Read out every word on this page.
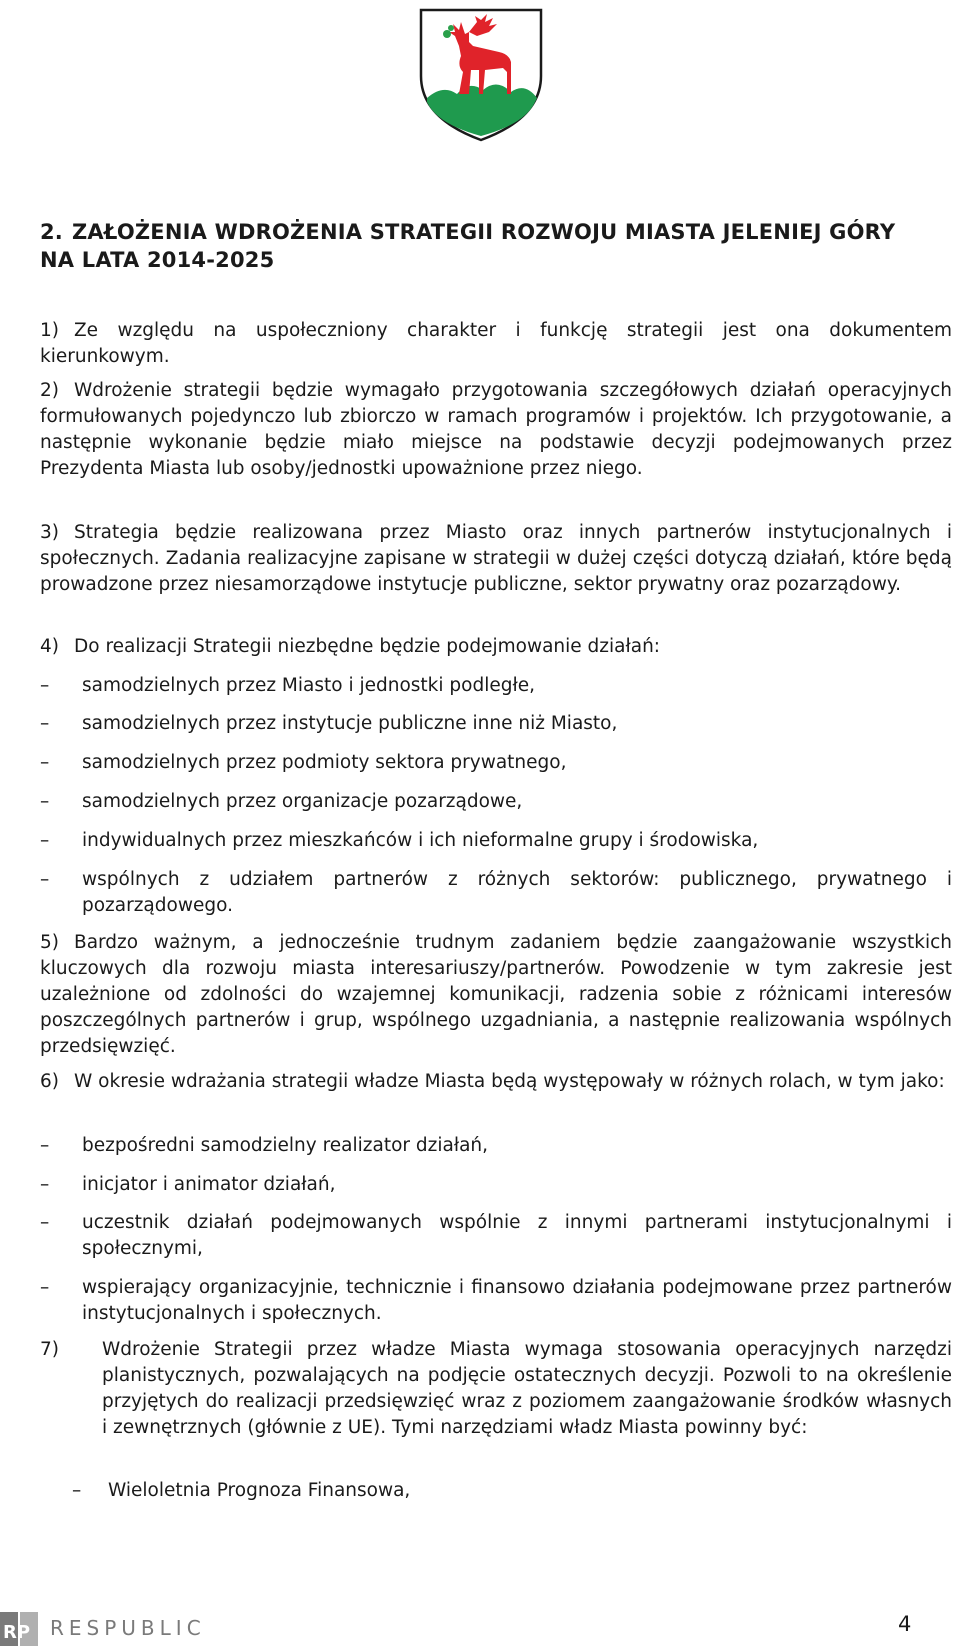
2. ZAŁOŻENIA WDROŻENIA STRATEGII ROZWOJU MIASTA JELENIEJ GÓRY NA LATA 2014-2025
1) Ze względu na uspołeczniony charakter i funkcję strategii jest ona dokumentem kierunkowym.
2) Wdrożenie strategii będzie wymagało przygotowania szczegółowych działań operacyjnych formułowanych pojedynczo lub zbiorczo w ramach programów i projektów. Ich przygotowanie, a następnie wykonanie będzie miało miejsce na podstawie decyzji podejmowanych przez Prezydenta Miasta lub osoby/jednostki upoważnione przez niego.
3) Strategia będzie realizowana przez Miasto oraz innych partnerów instytucjonalnych i społecznych. Zadania realizacyjne zapisane w strategii w dużej części dotyczą działań, które będą prowadzone przez niesamorządowe instytucje publiczne, sektor prywatny oraz pozarządowy.
4) Do realizacji Strategii niezbędne będzie podejmowanie działań:
–	samodzielnych przez Miasto i jednostki podległe,
–	samodzielnych przez instytucje publiczne inne niż Miasto,
–	samodzielnych przez podmioty sektora prywatnego,
–	samodzielnych przez organizacje pozarządowe,
–	indywidualnych przez mieszkańców i ich nieformalne grupy i środowiska,
–	wspólnych z udziałem partnerów z różnych sektorów: publicznego, prywatnego i pozarządowego.
5) Bardzo ważnym, a jednocześnie trudnym zadaniem będzie zaangażowanie wszystkich kluczowych dla rozwoju miasta interesariuszy/partnerów. Powodzenie w tym zakresie jest uzależnione od zdolności do wzajemnej komunikacji, radzenia sobie z różnicami interesów poszczególnych partnerów i grup, wspólnego uzgadniania, a następnie realizowania wspólnych przedsięwzięć.
6) W okresie wdrażania strategii władze Miasta będą występowały w różnych rolach, w tym jako:
–	bezpośredni samodzielny realizator działań,
–	inicjator i animator działań,
–	uczestnik działań podejmowanych wspólnie z innymi partnerami instytucjonalnymi i społecznymi,
–	wspierający organizacyjnie, technicznie i finansowo działania podejmowane przez partnerów instytucjonalnych i społecznych.
7)	Wdrożenie Strategii przez władze Miasta wymaga stosowania operacyjnych narzędzi planistycznych, pozwalających na podjęcie ostatecznych decyzji. Pozwoli to na określenie przyjętych do realizacji przedsięwzięć wraz z poziomem zaangażowanie środków własnych i zewnętrznych (głównie z UE). Tymi narzędziami władz Miasta powinny być:
–	Wieloletnia Prognoza Finansowa,
RP RESPUBLIC	4
